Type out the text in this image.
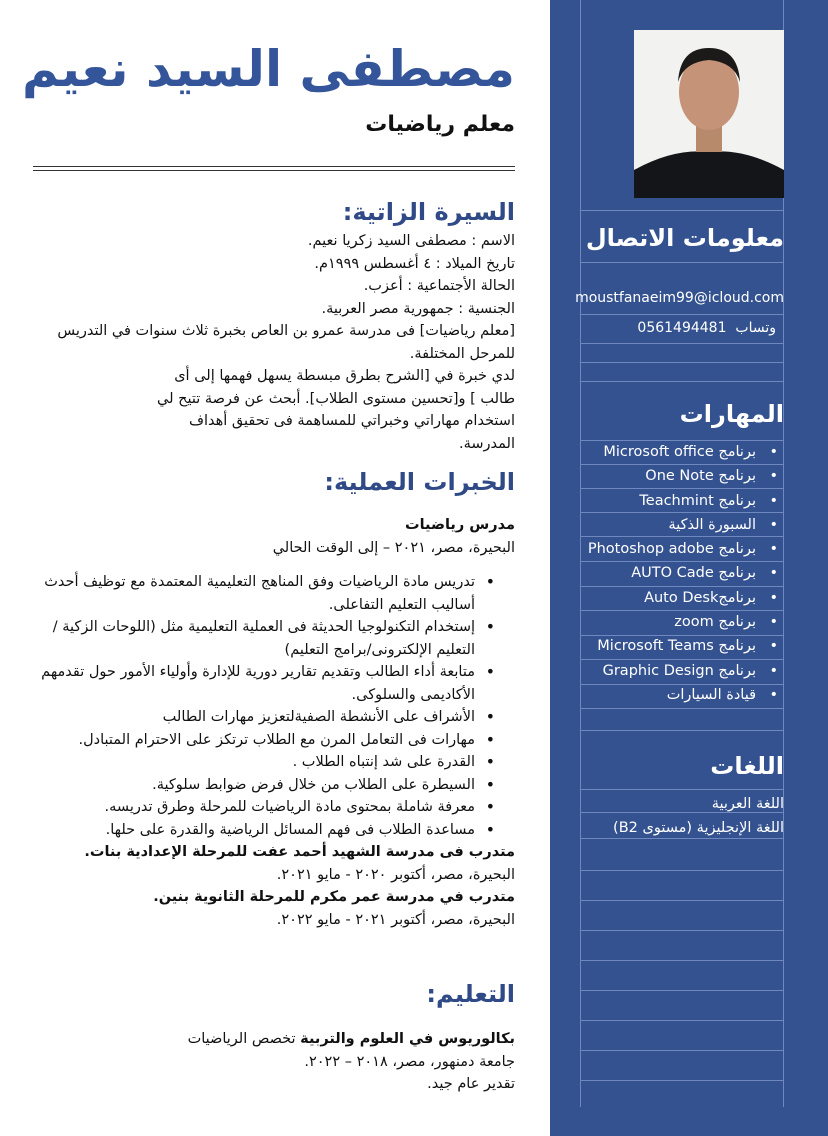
مصطفى السيد نعيم
معلم رياضيات
السيرة الزاتية:
الاسم : مصطفى السيد زكريا نعيم.
تاريخ الميلاد : ٤ أغسطس ١٩٩٩م.
الحالة الأجتماعية : أعزب.
الجنسية : جمهورية مصر العربية.
[معلم رياضيات] فى مدرسة عمرو بن العاص بخبرة ثلاث سنوات في التدريس للمرحل المختلفة.
لدي خبرة في [الشرح بطرق مبسطة يسهل فهمها إلى أى طالب ] و[تحسين مستوى الطلاب]. أبحث عن فرصة تتيح لي استخدام مهاراتي وخبراتي للمساهمة فى تحقيق أهداف المدرسة.
الخبرات العملية:
مدرس رياضيات
البحيرة، مصر، ٢٠٢١ – إلى الوقت الحالي
• تدريس مادة الرياضيات وفق المناهج التعليمية المعتمدة مع توظيف أحدث أساليب التعليم التفاعلى.
• إستخدام التكنولوجيا الحديثة فى العملية التعليمية مثل (اللوحات الزكية / التعليم الإلكترونى/برامج التعليم)
• متابعة أداء الطالب وتقديم تقارير دورية للإدارة وأولياء الأمور حول تقدمهم الأكاديمى والسلوكى.
• الأشراف على الأنشطة الصفيةلتعزيز مهارات الطالب
• مهارات فى التعامل المرن مع الطلاب ترتكز على الاحترام المتبادل.
• القدرة على شد إنتباه الطلاب .
• السيطرة على الطلاب من خلال فرض ضوابط سلوكية.
• معرفة شاملة بمحتوى مادة الرياضيات للمرحلة وطرق تدريسه.
• مساعدة الطلاب فى فهم المسائل الرياضية والقدرة على حلها.
متدرب فى مدرسة الشهيد أحمد عفت للمرحلة الإعدادية بنات.
البحيرة، مصر، أكتوبر ٢٠٢٠ - مايو ٢٠٢١.
متدرب في مدرسة عمر مكرم للمرحلة الثانوية بنين.
البحيرة، مصر، أكتوبر ٢٠٢١ - مايو ٢٠٢٢.
التعليم:
بكالوريوس في العلوم والتربية تخصص الرياضيات
جامعة دمنهور، مصر، ٢٠١٨ – ٢٠٢٢.
تقدير عام جيد.
معلومات الاتصال
moustfanaeim99@icloud.com
وتساب  0561494481
المهارات
• برنامج Microsoft office
• برنامج One Note
• برنامج Teachmint
• السبورة الذكية
• برنامج Photoshop adobe
• برنامج AUTO Cade
• برنامجAuto Desk
• برنامج zoom
• برنامج Microsoft Teams
• برنامج Graphic Design
• قيادة السيارات
اللغات
اللغة العربية
اللغة الإنجليزية (مستوى B2)
